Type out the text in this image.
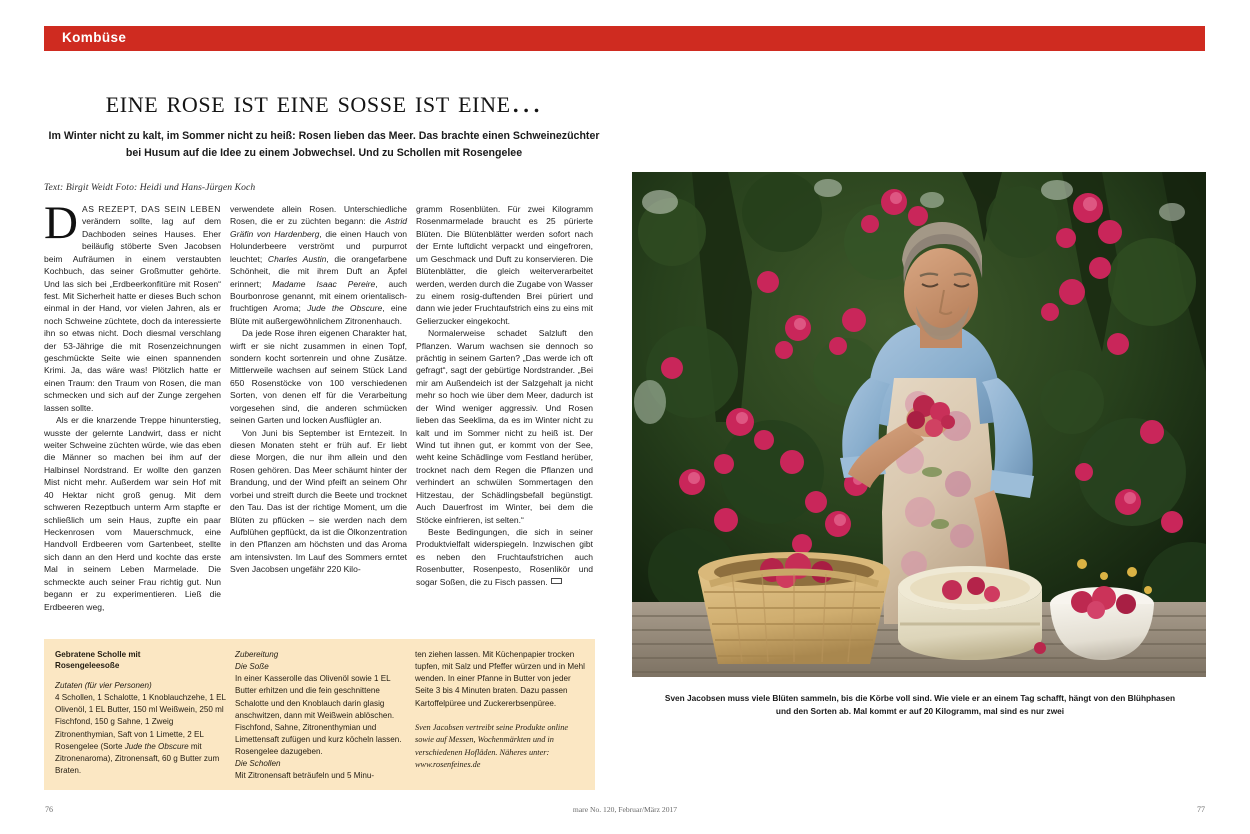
Kombüse
eine rose ist eine sosse ist eine…
Im Winter nicht zu kalt, im Sommer nicht zu heiß: Rosen lieben das Meer. Das brachte einen Schweinezüchter bei Husum auf die Idee zu einem Jobwechsel. Und zu Schollen mit Rosengelee
Text: Birgit Weidt Foto: Heidi und Hans-Jürgen Koch

DAS REZEPT, DAS SEIN LEBEN verändern sollte, lag auf dem Dachboden seines Hauses. Eher beiläufig stöberte Sven Jacobsen beim Aufräumen in einem verstaubten Kochbuch, das seiner Großmutter gehörte. Und las sich bei „Erdbeerkonfitüre mit Rosen“ fest. Mit Sicherheit hatte er dieses Buch schon einmal in der Hand, vor vielen Jahren, als er noch Schweine züchtete, doch da interessierte ihn so etwas nicht. Doch diesmal verschlang der 53-Jährige die mit Rosenzeichnungen geschmückte Seite wie einen spannenden Krimi. Ja, das wäre was! Plötzlich hatte er einen Traum: den Traum von Rosen, die man schmecken und sich auf der Zunge zergehen lassen sollte.

Als er die knarzende Treppe hinunterstieg, wusste der gelernte Landwirt, dass er nicht weiter Schweine züchten würde, wie das eben die Männer so machen bei ihm auf der Halbinsel Nordstrand. Er wollte den ganzen Mist nicht mehr. Außerdem war sein Hof mit 40 Hektar nicht groß genug. Mit dem schweren Rezeptbuch unterm Arm stapfte er schließlich um sein Haus, zupfte ein paar Heckenrosen vom Mauerschmuck, eine Handvoll Erdbeeren vom Gartenbeet, stellte sich dann an den Herd und kochte das erste Mal in seinem Leben Marmelade. Die schmeckte auch seiner Frau richtig gut. Nun begann er zu experimentieren. Ließ die Erdbeeren weg,

verwendete allein Rosen. Unterschiedliche Rosen, die er zu züchten begann: die Astrid Gräfin von Hardenberg, die einen Hauch von Holunderbeere verströmt und purpurrot leuchtet; Charles Austin, die orangefarbene Schönheit, die mit ihrem Duft an Äpfel erinnert; Madame Isaac Pereire, auch Bourbonrose genannt, mit einem orientalisch-fruchtigen Aroma; Jude the Obscure, eine Blüte mit außergewöhnlichem Zitronenhauch.

Da jede Rose ihren eigenen Charakter hat, wirft er sie nicht zusammen in einen Topf, sondern kocht sortenrein und ohne Zusätze. Mittlerweile wachsen auf seinem Stück Land 650 Rosenstöcke von 100 verschiedenen Sorten, von denen elf für die Verarbeitung vorgesehen sind, die anderen schmücken seinen Garten und locken Ausflügler an.

Von Juni bis September ist Erntezeit. In diesen Monaten steht er früh auf. Er liebt diese Morgen, die nur ihm allein und den Rosen gehören. Das Meer schäumt hinter der Brandung, und der Wind pfeift an seinem Ohr vorbei und streift durch die Beete und trocknet den Tau. Das ist der richtige Moment, um die Blüten zu pflücken – sie werden nach dem Aufblühen gepflückt, da ist die Ölkonzentration in den Pflanzen am höchsten und das Aroma am intensivsten. Im Lauf des Sommers erntet Sven Jacobsen ungefähr 220 Kilo-

gramm Rosenblüten. Für zwei Kilogramm Rosenmarmelade braucht es 25 pürierte Blüten. Die Blütenblätter werden sofort nach der Ernte luftdicht verpackt und eingefroren, um Geschmack und Duft zu konservieren. Die Blütenblätter, die gleich weiterverarbeitet werden, werden durch die Zugabe von Wasser zu einem rosig-duftenden Brei püriert und dann wie jeder Fruchtaufstrich eins zu eins mit Gelierzucker eingekocht.

Normalerweise schadet Salzluft den Pflanzen. Warum wachsen sie dennoch so prächtig in seinem Garten? „Das werde ich oft gefragt“, sagt der gebürtige Nordstrander. „Bei mir am Außendeich ist der Salzgehalt ja nicht mehr so hoch wie über dem Meer, dadurch ist der Wind weniger aggressiv. Und Rosen lieben das Seeklima, da es im Winter nicht zu kalt und im Sommer nicht zu heiß ist. Der Wind tut ihnen gut, er kommt von der See, weht keine Schädlinge vom Festland herüber, trocknet nach dem Regen die Pflanzen und verhindert an schwülen Sommertagen den Hitzestau, der Schädlingsbefall begünstigt. Auch Dauerfrost im Winter, bei dem die Stöcke einfrieren, ist selten.“

Beste Bedingungen, die sich in seiner Produktvielfalt widerspiegeln. Inzwischen gibt es neben den Fruchtaufstrichen auch Rosenbutter, Rosenpesto, Rosenlikör und sogar Soßen, die zu Fisch passen.

Gebratene Scholle mit
Rosengeleesoße

Zutaten (für vier Personen)

4 Schollen, 1 Schalotte, 1 Knoblauchzehe, 1 EL Olivenöl, 1 EL Butter, 150 ml Weißwein, 250 ml Fischfond, 150 g Sahne, 1 Zweig Zitronenthymian, Saft von 1 Limette, 2 EL Rosengelee (Sorte Jude the Obscure mit Zitronenaroma), Zitronensaft, 60 g Butter zum Braten.

Zubereitung

Die Soße

In einer Kasserolle das Olivenöl sowie 1 EL Butter erhitzen und die fein geschnittene Schalotte und den Knoblauch darin glasig anschwitzen, dann mit Weißwein ablöschen. Fischfond, Sahne, Zitronenthymian und Limettensaft zufügen und kurz köcheln lassen. Rosengelee dazugeben.

Die Schollen

Mit Zitronensaft beträufeln und 5 Minu-

ten ziehen lassen. Mit Küchenpapier trocken tupfen, mit Salz und Pfeffer würzen und in Mehl wenden. In einer Pfanne in Butter von jeder Seite 3 bis 4 Minuten braten. Dazu passen Kartoffelpüree und Zuckererbsenpüree.

Sven Jacobsen vertreibt seine Produkte online sowie auf Messen, Wochenmärkten und in verschiedenen Hofläden. Näheres unter: www.rosenfeines.de

Sven Jacobsen muss viele Blüten sammeln, bis die Körbe voll sind. Wie viele er an einem Tag schafft, hängt von den Blühphasen und den Sorten ab. Mal kommt er auf 20 Kilogramm, mal sind es nur zwei
76	mare No. 120, Februar/März 2017	77
